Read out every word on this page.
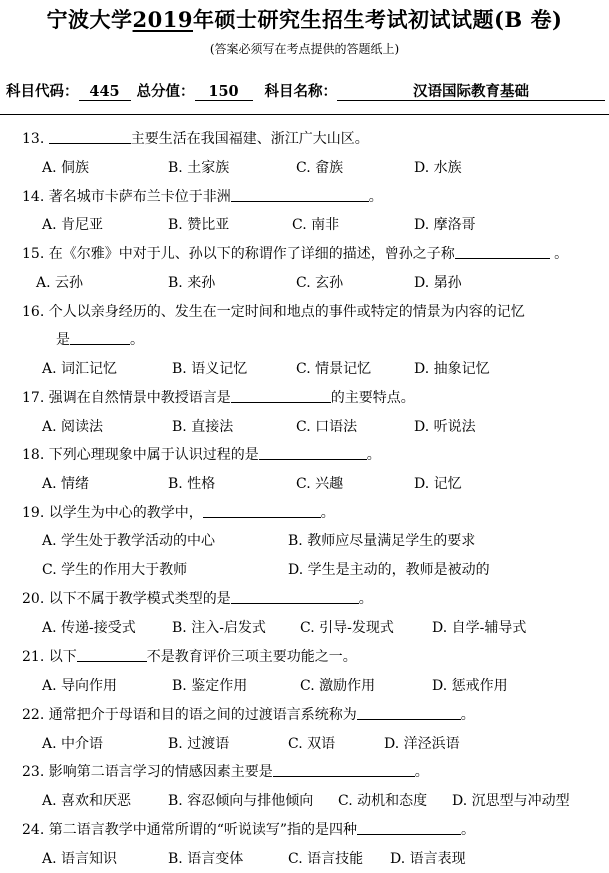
宁波大学2019年硕士研究生招生考试初试试题(B 卷)
(答案必须写在考点提供的答题纸上)
科目代码： 445 总分值： 150 科目名称：	汉语国际教育基础
13.	主要生活在我国福建、浙江广大山区。
A. 侗族	B. 土家族	C. 畲族	D. 水族
14. 著名城市卡萨布兰卡位于非洲	。
A. 肯尼亚	B. 赞比亚	C. 南非	D. 摩洛哥
15. 在《尔雅》中对于儿、孙以下的称谓作了详细的描述，曾孙之子称	。
A. 云孙	B. 来孙	C. 玄孙	D. 晜孙
16. 个人以亲身经历的、发生在一定时间和地点的事件或特定的情景为内容的记忆
是	。
A. 词汇记忆	B. 语义记忆	C. 情景记忆	D. 抽象记忆
17. 强调在自然情景中教授语言是	的主要特点。
A. 阅读法	B. 直接法	C. 口语法	D. 听说法
18. 下列心理现象中属于认识过程的是	。
A. 情绪	B. 性格	C. 兴趣	D. 记忆
19. 以学生为中心的教学中，	。
A. 学生处于教学活动的中心	B. 教师应尽量满足学生的要求
C. 学生的作用大于教师	D. 学生是主动的，教师是被动的
20. 以下不属于教学模式类型的是	。
A. 传递-接受式	B. 注入-启发式 C. 引导-发现式	D. 自学-辅导式
21. 以下	不是教育评价三项主要功能之一。
A. 导向作用	B. 鉴定作用	C. 激励作用	D. 惩戒作用
22. 通常把介于母语和目的语之间的过渡语言系统称为	。
A. 中介语	B. 过渡语	C. 双语	D. 洋泾浜语
23. 影响第二语言学习的情感因素主要是	。
A. 喜欢和厌恶	B. 容忍倾向与排他倾向 C. 动机和态度 D. 沉思型与冲动型
24. 第二语言教学中通常所谓的“听说读写”指的是四种	。
A. 语言知识	B. 语言变体	C. 语言技能 D. 语言表现
